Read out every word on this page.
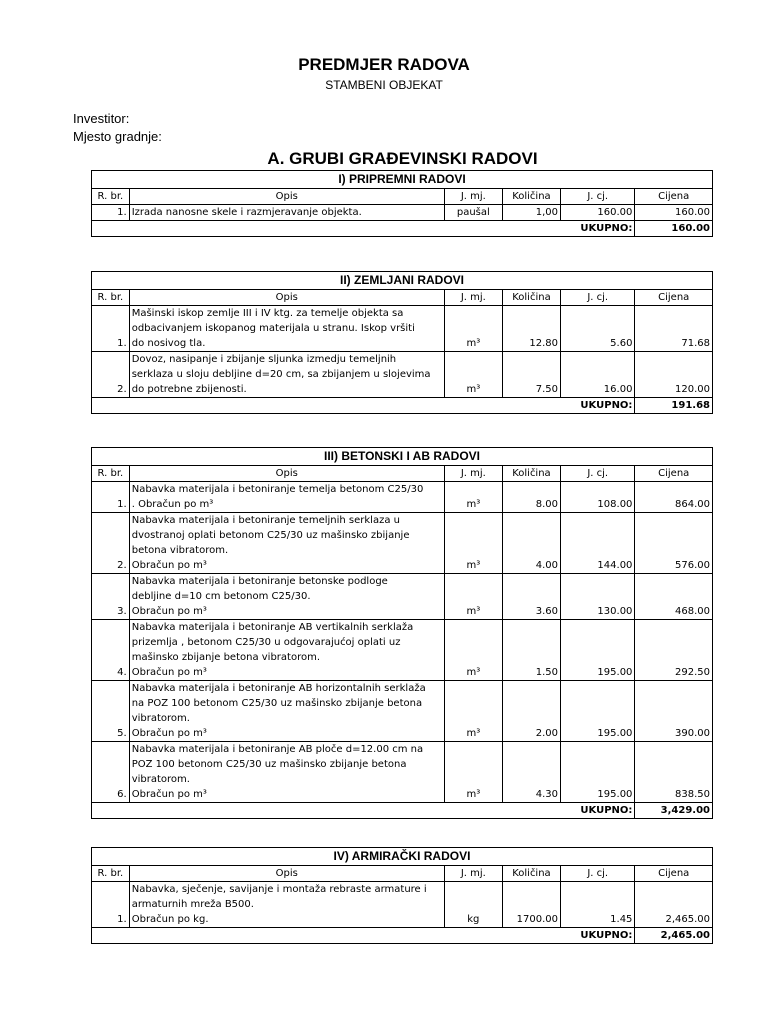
PREDMJER RADOVA
STAMBENI OBJEKAT
Investitor:
Mjesto gradnje:
A. GRUBI GRAĐEVINSKI RADOVI
I) PRIPREMNI RADOVI					
R. br.	Opis	J. mj.	Količina	J. cj.	Cijena
1.	Izrada nanosne skele i razmjeravanje objekta.	paušal	1,00	160.00	160.00
				UKUPNO:	160.00
II) ZEMLJANI RADOVI					
R. br.	Opis	J. mj.	Količina	J. cj.	Cijena
1.	Mašinski iskop zemlje III i IV ktg. za temelje objekta sa
odbacivanjem iskopanog materijala u stranu. Iskop vršiti
do nosivog tla.	m³	12.80	5.60	71.68
2.	Dovoz, nasipanje i zbijanje sljunka izmedju temeljnih
serklaza u sloju debljine d=20 cm, sa zbijanjem u slojevima
do potrebne zbijenosti.	m³	7.50	16.00	120.00
				UKUPNO:	191.68
III) BETONSKI I AB RADOVI					
R. br.	Opis	J. mj.	Količina	J. cj.	Cijena
1.	Nabavka materijala i betoniranje temelja betonom C25/30
. Obračun po m³	m³	8.00	108.00	864.00
2.	Nabavka materijala i betoniranje temeljnih serklaza u
dvostranoj oplati betonom C25/30 uz mašinsko zbijanje
betona vibratorom.
Obračun po m³	m³	4.00	144.00	576.00
3.	Nabavka materijala i betoniranje betonske podloge
debljine d=10 cm betonom C25/30.
Obračun po m³	m³	3.60	130.00	468.00
4.	Nabavka materijala i betoniranje AB vertikalnih serklaža
prizemlja , betonom C25/30 u odgovarajućoj oplati uz
mašinsko zbijanje betona vibratorom.
Obračun po m³	m³	1.50	195.00	292.50
5.	Nabavka materijala i betoniranje AB horizontalnih serklaža
na POZ 100 betonom C25/30 uz mašinsko zbijanje betona
vibratorom.
Obračun po m³	m³	2.00	195.00	390.00
6.	Nabavka materijala i betoniranje AB ploče d=12.00 cm na
POZ 100 betonom C25/30 uz mašinsko zbijanje betona
vibratorom.
Obračun po m³	m³	4.30	195.00	838.50
				UKUPNO:	3,429.00
IV) ARMIRAČKI RADOVI					
R. br.	Opis	J. mj.	Količina	J. cj.	Cijena
1.	Nabavka, sječenje, savijanje i montaža rebraste armature i
armaturnih mreža B500.
Obračun po kg.	kg	1700.00	1.45	2,465.00
				UKUPNO:	2,465.00
